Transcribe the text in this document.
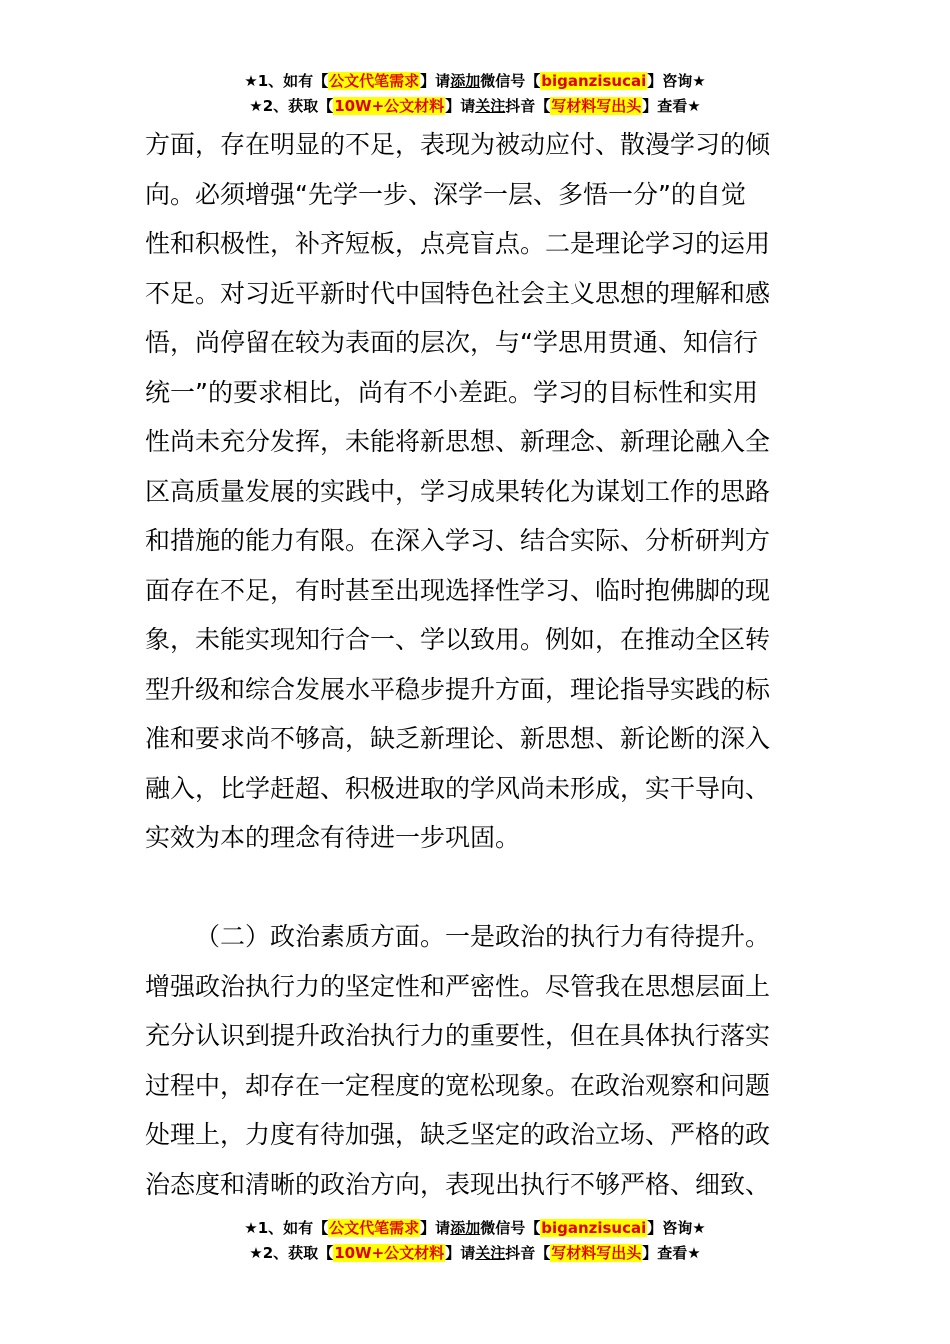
★1、如有【公文代笔需求】请添加微信号【biganzisucai】咨询★
★2、获取【10W+公文材料】请关注抖音【写材料写出头】查看★

方面，存在明显的不足，表现为被动应付、散漫学习的倾
向。必须增强“先学一步、深学一层、多悟一分”的自觉
性和积极性，补齐短板，点亮盲点。二是理论学习的运用
不足。对习近平新时代中国特色社会主义思想的理解和感
悟，尚停留在较为表面的层次，与“学思用贯通、知信行
统一”的要求相比，尚有不小差距。学习的目标性和实用
性尚未充分发挥，未能将新思想、新理念、新理论融入全
区高质量发展的实践中，学习成果转化为谋划工作的思路
和措施的能力有限。在深入学习、结合实际、分析研判方
面存在不足，有时甚至出现选择性学习、临时抱佛脚的现
象，未能实现知行合一、学以致用。例如，在推动全区转
型升级和综合发展水平稳步提升方面，理论指导实践的标
准和要求尚不够高，缺乏新理论、新思想、新论断的深入
融入，比学赶超、积极进取的学风尚未形成，实干导向、
实效为本的理念有待进一步巩固。

（二）政治素质方面。一是政治的执行力有待提升。
增强政治执行力的坚定性和严密性。尽管我在思想层面上
充分认识到提升政治执行力的重要性，但在具体执行落实
过程中，却存在一定程度的宽松现象。在政治观察和问题
处理上，力度有待加强，缺乏坚定的政治立场、严格的政
治态度和清晰的政治方向，表现出执行不够严格、细致、

★1、如有【公文代笔需求】请添加微信号【biganzisucai】咨询★
★2、获取【10W+公文材料】请关注抖音【写材料写出头】查看★
